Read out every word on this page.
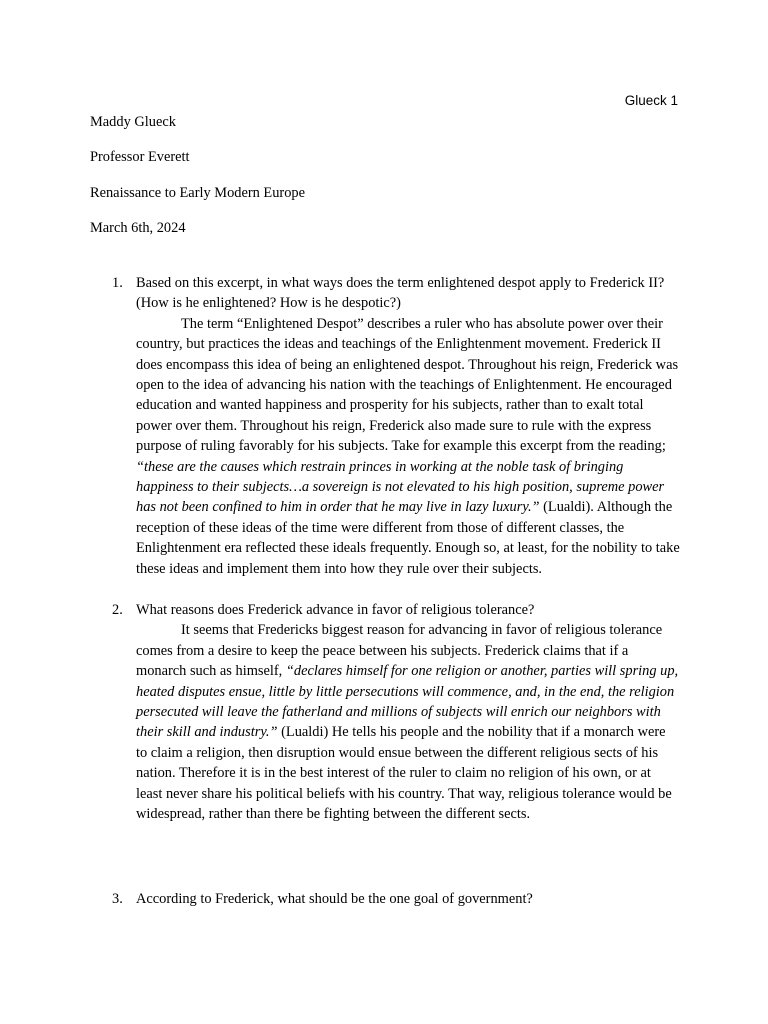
Glueck 1
Maddy Glueck
Professor Everett
Renaissance to Early Modern Europe
March 6th, 2024
1. Based on this excerpt, in what ways does the term enlightened despot apply to Frederick II? (How is he enlightened? How is he despotic?)

The term “Enlightened Despot” describes a ruler who has absolute power over their country, but practices the ideas and teachings of the Enlightenment movement. Frederick II does encompass this idea of being an enlightened despot. Throughout his reign, Frederick was open to the idea of advancing his nation with the teachings of Enlightenment. He encouraged education and wanted happiness and prosperity for his subjects, rather than to exalt total power over them. Throughout his reign, Frederick also made sure to rule with the express purpose of ruling favorably for his subjects. Take for example this excerpt from the reading; “these are the causes which restrain princes in working at the noble task of bringing happiness to their subjects…a sovereign is not elevated to his high position, supreme power has not been confined to him in order that he may live in lazy luxury.” (Lualdi). Although the reception of these ideas of the time were different from those of different classes, the Enlightenment era reflected these ideals frequently. Enough so, at least, for the nobility to take these ideas and implement them into how they rule over their subjects.

2. What reasons does Frederick advance in favor of religious tolerance?

It seems that Fredericks biggest reason for advancing in favor of religious tolerance comes from a desire to keep the peace between his subjects. Frederick claims that if a monarch such as himself, “declares himself for one religion or another, parties will spring up, heated disputes ensue, little by little persecutions will commence, and, in the end, the religion persecuted will leave the fatherland and millions of subjects will enrich our neighbors with their skill and industry.” (Lualdi) He tells his people and the nobility that if a monarch were to claim a religion, then disruption would ensue between the different religious sects of his nation. Therefore it is in the best interest of the ruler to claim no religion of his own, or at least never share his political beliefs with his country. That way, religious tolerance would be widespread, rather than there be fighting between the different sects.

3. According to Frederick, what should be the one goal of government?
